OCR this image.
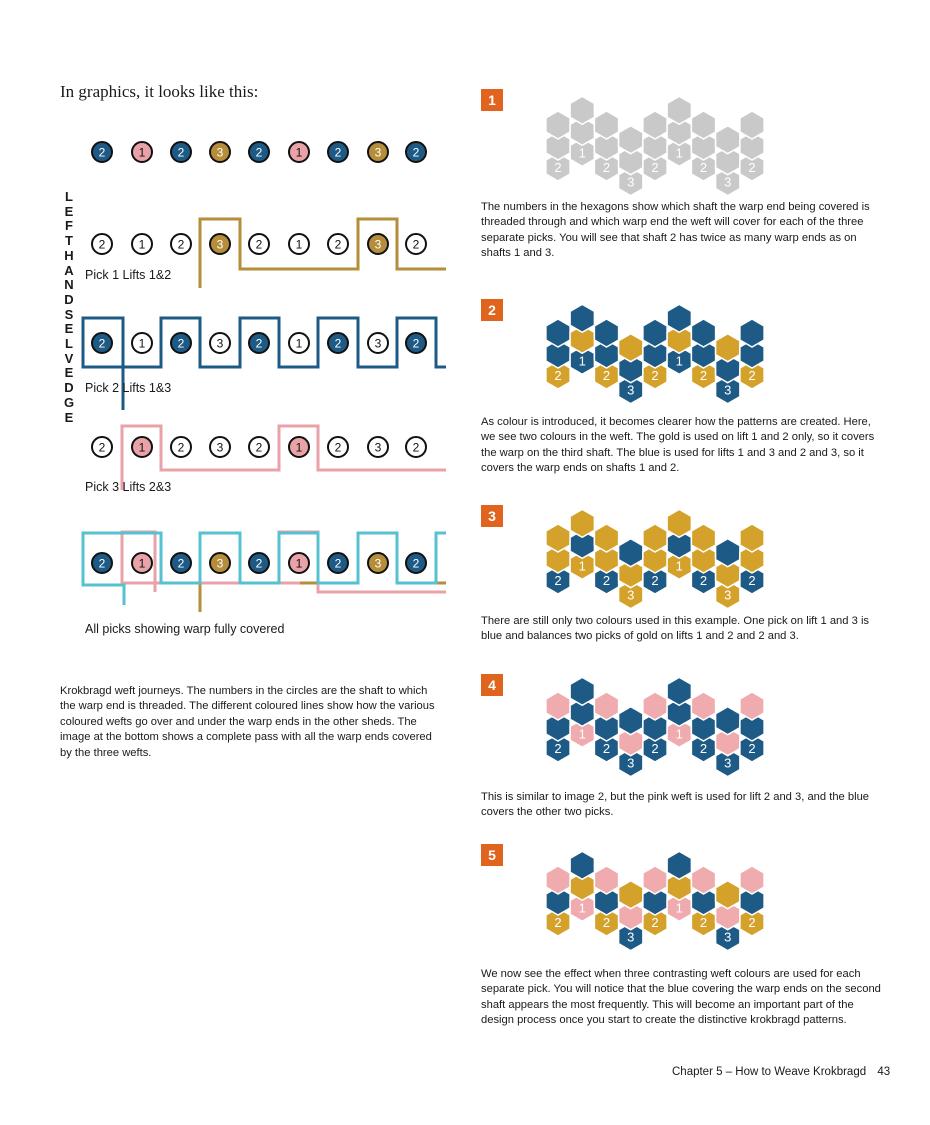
In graphics, it looks like this:
LEFT HAND SELVEDGE
2	1	2	3	2	1	2	3	2
2	1	2	3	2	1	2	3	2
2	1	2	3	2	1	2	3	2
2	1	2	3	2	1	2	3	2
2	1	2	3	2	1	2	3	2
Pick 1 Lifts 1&2
Pick 2 Lifts 1&3
Pick 3 Lifts 2&3
All picks showing warp fully covered
Krokbragd weft journeys. The numbers in the circles are the shaft to which the warp end is threaded. The different coloured lines show how the various coloured wefts go over and under the warp ends in the other sheds. The image at the bottom shows a complete pass with all the warp ends covered by the three wefts.
1
2
1
2
3
2
1
2
3
2
The numbers in the hexagons show which shaft the warp end being covered is threaded through and which warp end the weft will cover for each of the three separate picks. You will see that shaft 2 has twice as many warp ends as on shafts 1 and 3.
2
2
1
2
3
2
1
2
3
2
As colour is introduced, it becomes clearer how the patterns are created. Here, we see two colours in the weft. The gold is used on lift 1 and 2 only, so it covers the warp on the third shaft. The blue is used for lifts 1 and 3 and 2 and 3, so it covers the warp ends on shafts 1 and 2.
3
2
1
2
3
2
1
2
3
2
There are still only two colours used in this example. One pick on lift 1 and 3 is blue and balances two picks of gold on lifts 1 and 2 and 2 and 3.
4
2
1
2
3
2
1
2
3
2
This is similar to image 2, but the pink weft is used for lift 2 and 3, and the blue covers the other two picks.
5
2
1
2
3
2
1
2
3
2
We now see the effect when three contrasting weft colours are used for each separate pick. You will notice that the blue covering the warp ends on the second shaft appears the most frequently. This will become an important part of the design process once you start to create the distinctive krokbragd patterns.
Chapter 5 – How to Weave Krokbragd 43
